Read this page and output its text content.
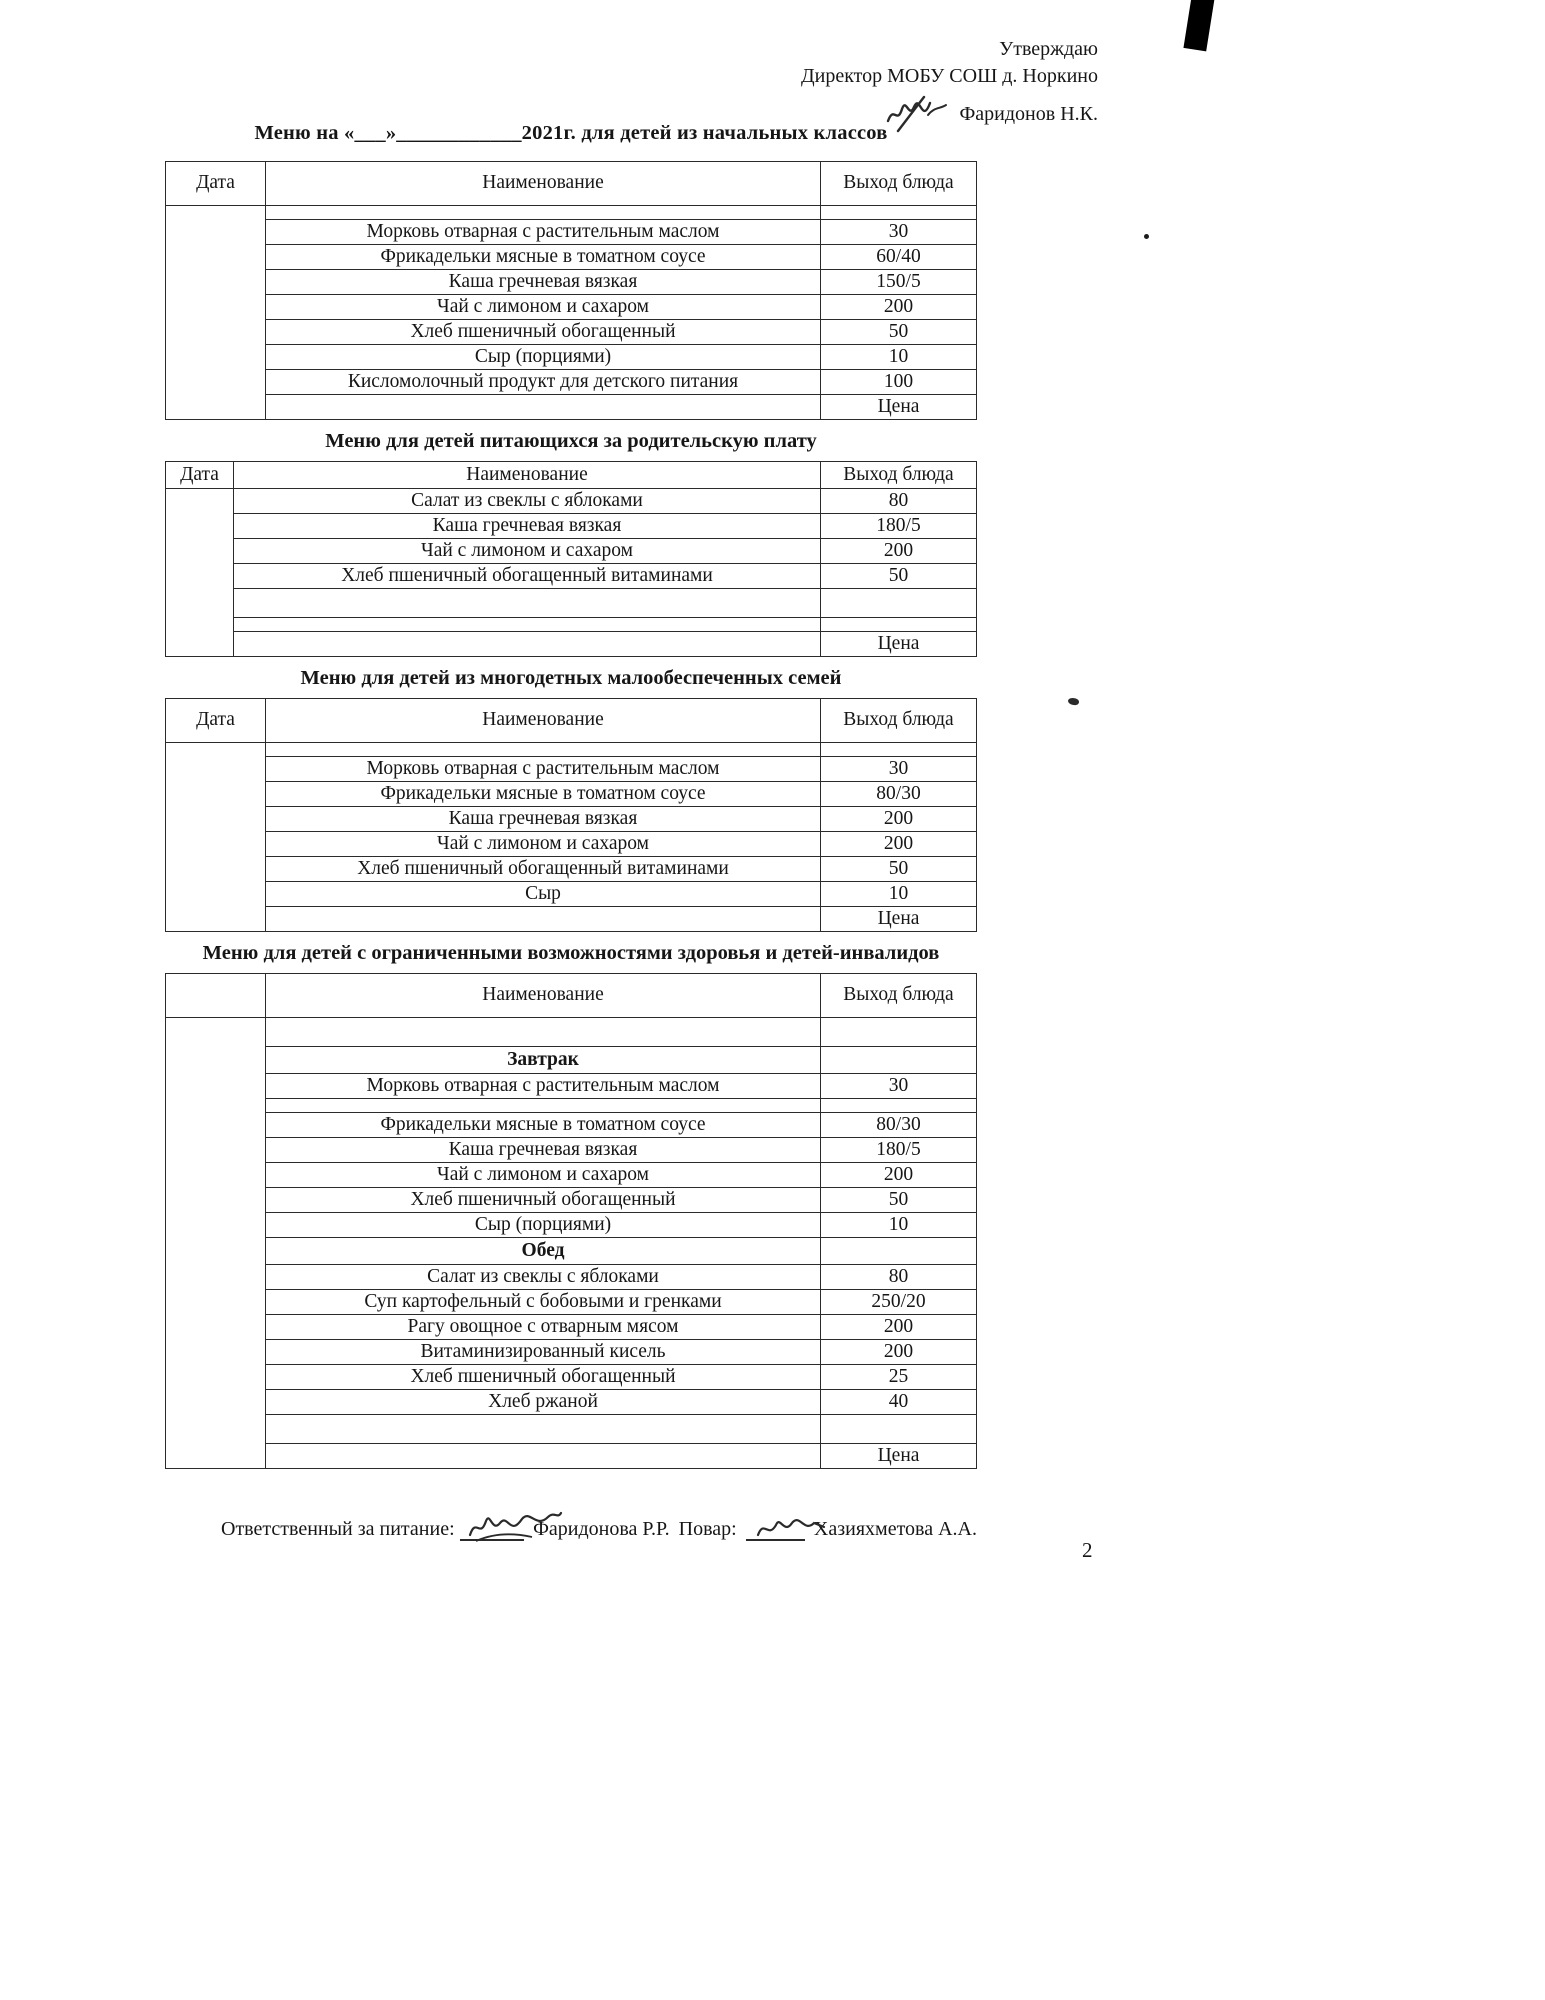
Утверждаю
Директор МОБУ СОШ д. Норкино
Фаридонов Н.К.
Меню на «___»____________2021г. для детей из начальных классов
Дата	Наименование	Выход блюда

	Морковь отварная с растительным маслом	30
	Фрикадельки мясные в томатном соусе	60/40
	Каша гречневая вязкая	150/5
	Чай с лимоном и сахаром	200
	Хлеб пшеничный обогащенный	50
	Сыр (порциями)	10
	Кисломолочный продукт для детского питания	100
		Цена
Меню для детей питающихся за родительскую плату
Дата	Наименование	Выход блюда
	Салат из свеклы с яблоками	80
	Каша гречневая вязкая	180/5
	Чай с лимоном и сахаром	200
	Хлеб пшеничный обогащенный витаминами	50

		Цена
Меню для детей из многодетных малообеспеченных семей
Дата	Наименование	Выход блюда

	Морковь отварная с растительным маслом	30
	Фрикадельки мясные в томатном соусе	80/30
	Каша гречневая вязкая	200
	Чай с лимоном и сахаром	200
	Хлеб пшеничный обогащенный витаминами	50
	Сыр	10
		Цена
Меню для детей с ограниченными возможностями здоровья и детей-инвалидов
	Наименование	Выход блюда

	Завтрак	
	Морковь отварная с растительным маслом	30

	Фрикадельки мясные в томатном соусе	80/30
	Каша гречневая вязкая	180/5
	Чай с лимоном и сахаром	200
	Хлеб пшеничный обогащенный	50
	Сыр (порциями)	10
	Обед	
	Салат из свеклы с яблоками	80
	Суп картофельный с бобовыми и гренками	250/20
	Рагу овощное с отварным мясом	200
	Витаминизированный кисель	200
	Хлеб пшеничный обогащенный	25
	Хлеб ржаной	40

		Цена
Ответственный за питание:	Фаридонова Р.Р. Повар:	Хазияхметова А.А.
2
